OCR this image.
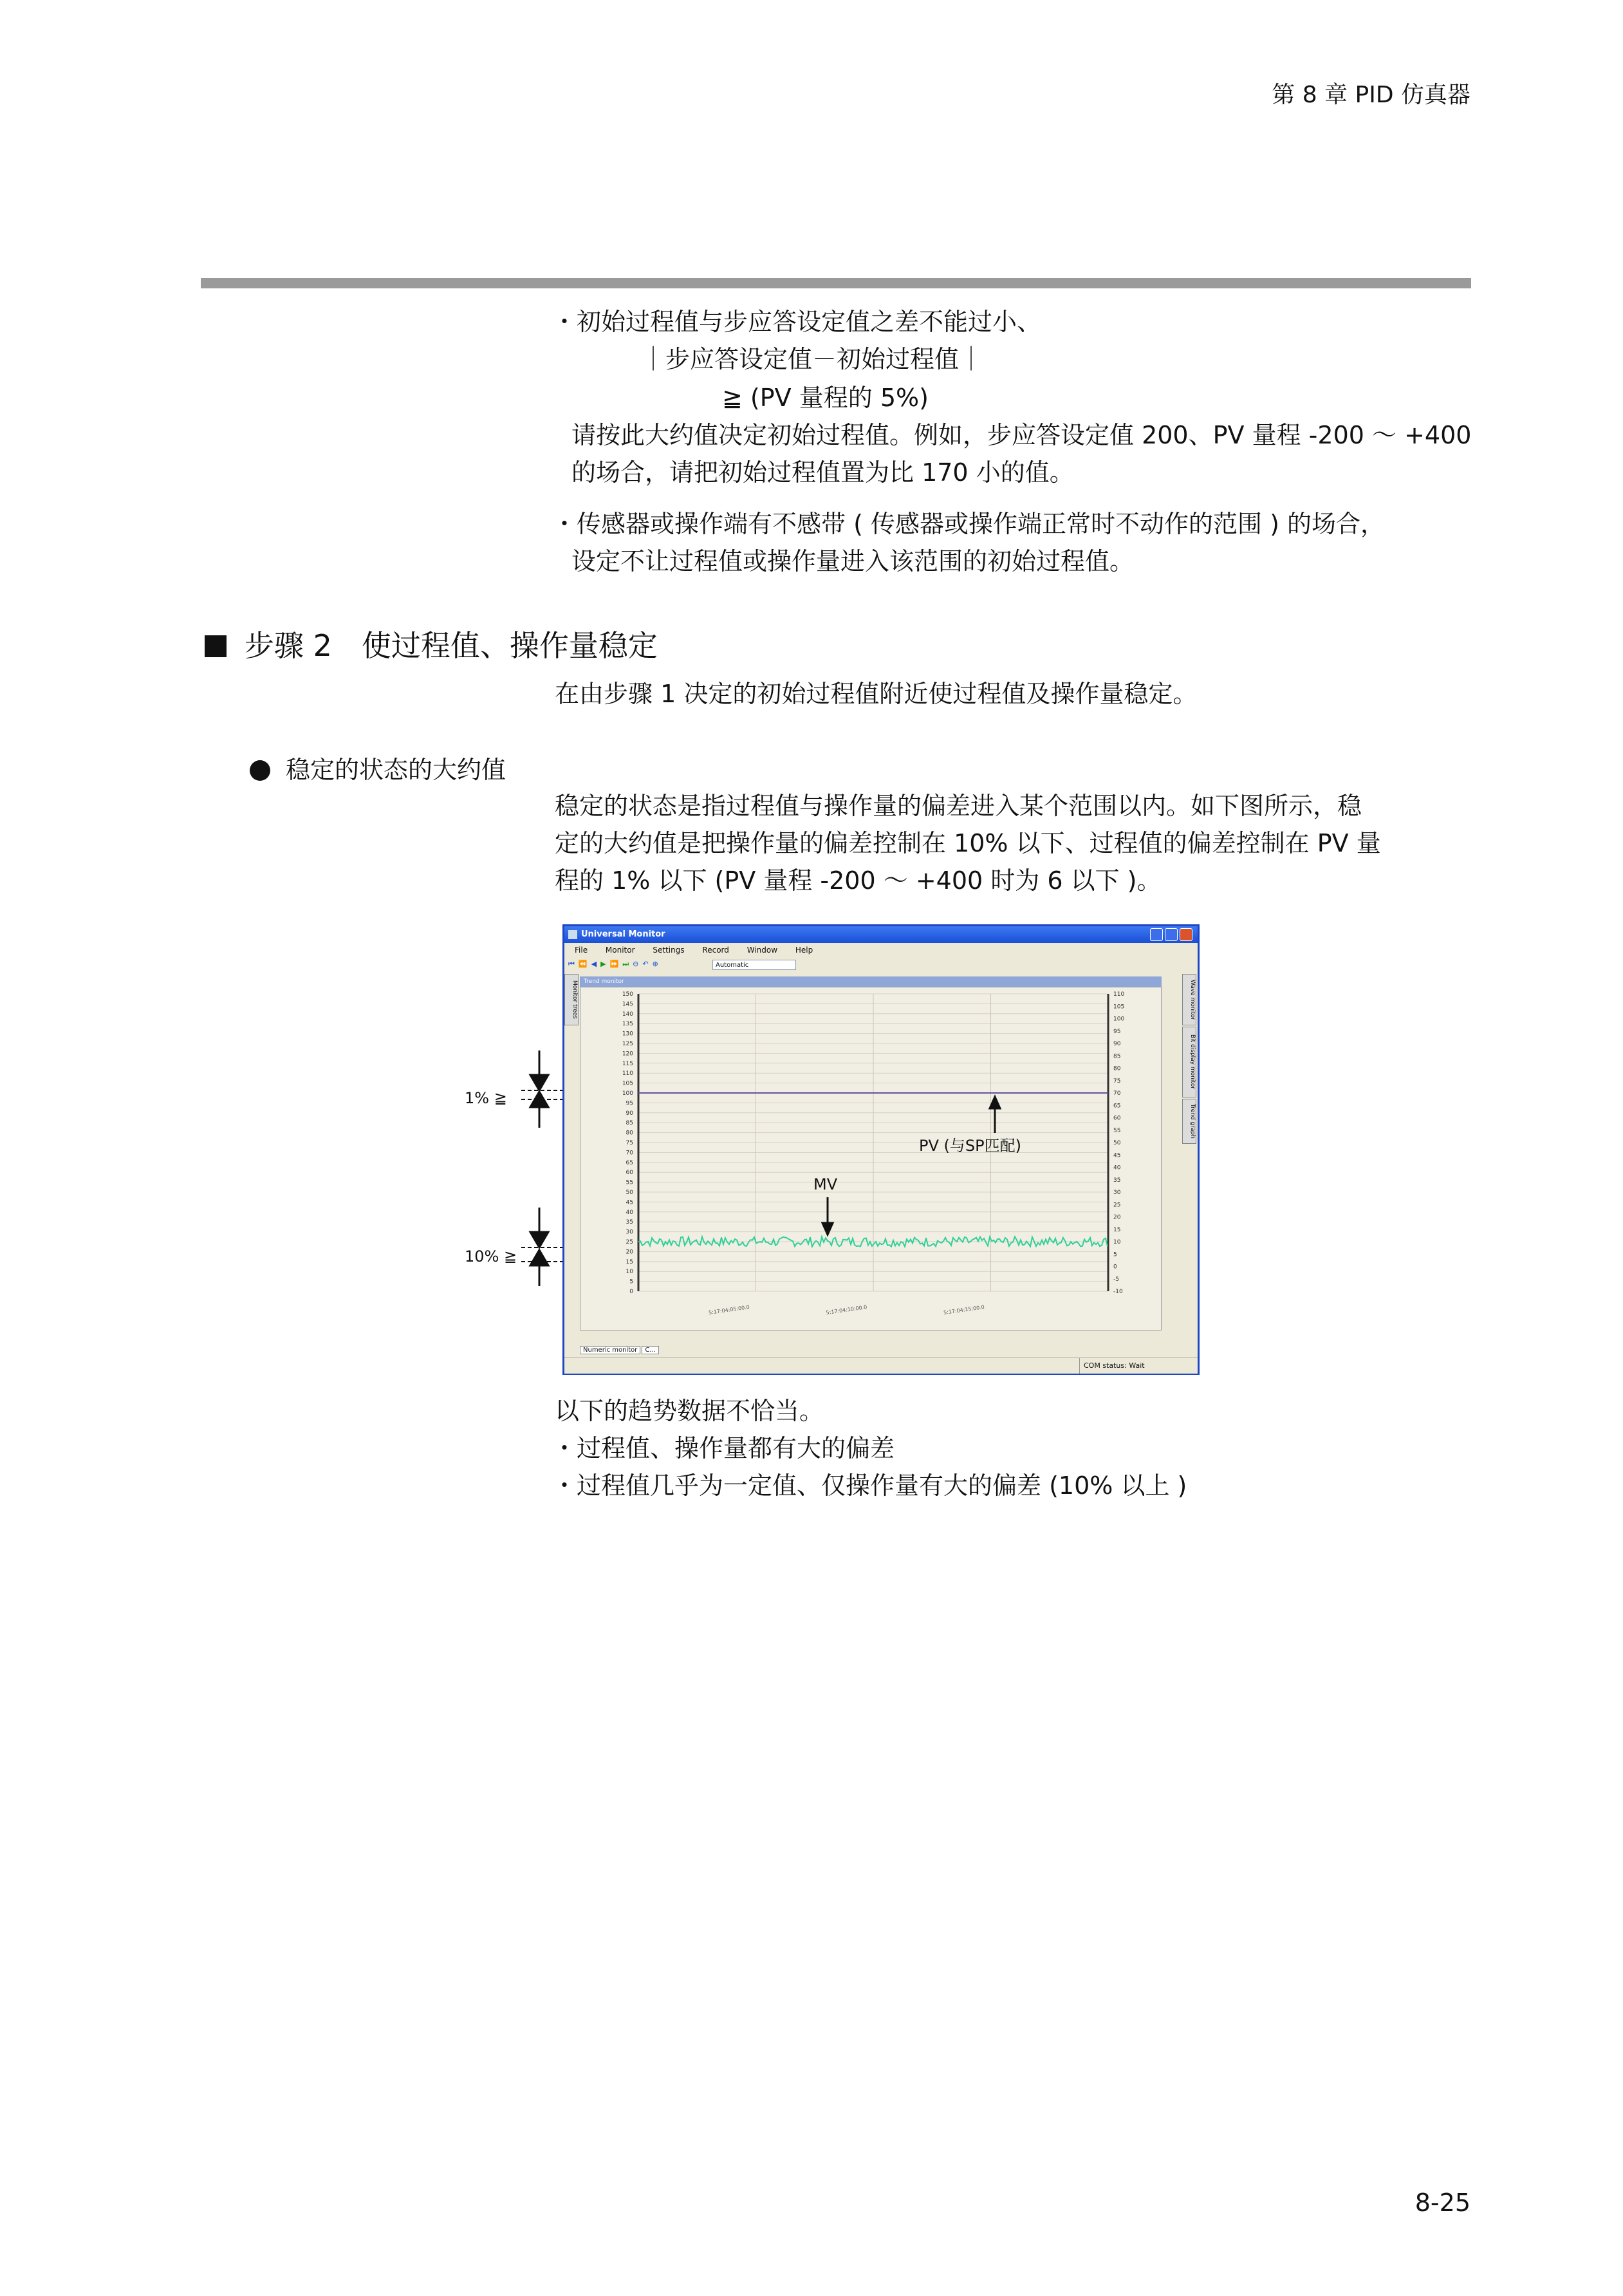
第 8 章 PID 仿真器
・初始过程值与步应答设定值之差不能过小、
｜步应答设定值－初始过程值｜
≧ (PV 量程的 5%)
请按此大约值决定初始过程值。例如，步应答设定值 200、PV 量程 -200 ～ +400
的场合，请把初始过程值置为比 170 小的值。
・传感器或操作端有不感带 ( 传感器或操作端正常时不动作的范围 ) 的场合，
设定不让过程值或操作量进入该范围的初始过程值。
步骤 2　使过程值、操作量稳定
在由步骤 1 决定的初始过程值附近使过程值及操作量稳定。
稳定的状态的大约值
稳定的状态是指过程值与操作量的偏差进入某个范围以内。如下图所示，稳
定的大约值是把操作量的偏差控制在 10% 以下、过程值的偏差控制在 PV 量
程的 1% 以下 (PV 量程 -200 ～ +400 时为 6 以下 )。
1% ≧
10% ≧
Universal Monitor
File Monitor Settings Record Window Help
⏮ ⏪ ◀ ▶ ⏩ ⏭ ⊖ ↶ ⊕	Automatic
Monitor trees	Wave monitor
Bit display monitor
Trend graph
Trend monitor
150
145
140
135
130
125
120
115
110
105
100
95
90
85
80
75
70
65
60
55
50
45
40
35
30
25
20
15
10
5
0
110
105
100
95
90
85
80
75
70
65
60
55
50
45
40
35
30
25
20
15
10
5
0
-5
-10
5:17:04:05:00.0	5:17:04:10:00.0	5:17:04:15:00.0
Numeric monitor C...
COM status: Wait
PV (与SP匹配)
MV
以下的趋势数据不恰当。
・过程值、操作量都有大的偏差
・过程值几乎为一定值、仅操作量有大的偏差 (10% 以上 )
8-25
